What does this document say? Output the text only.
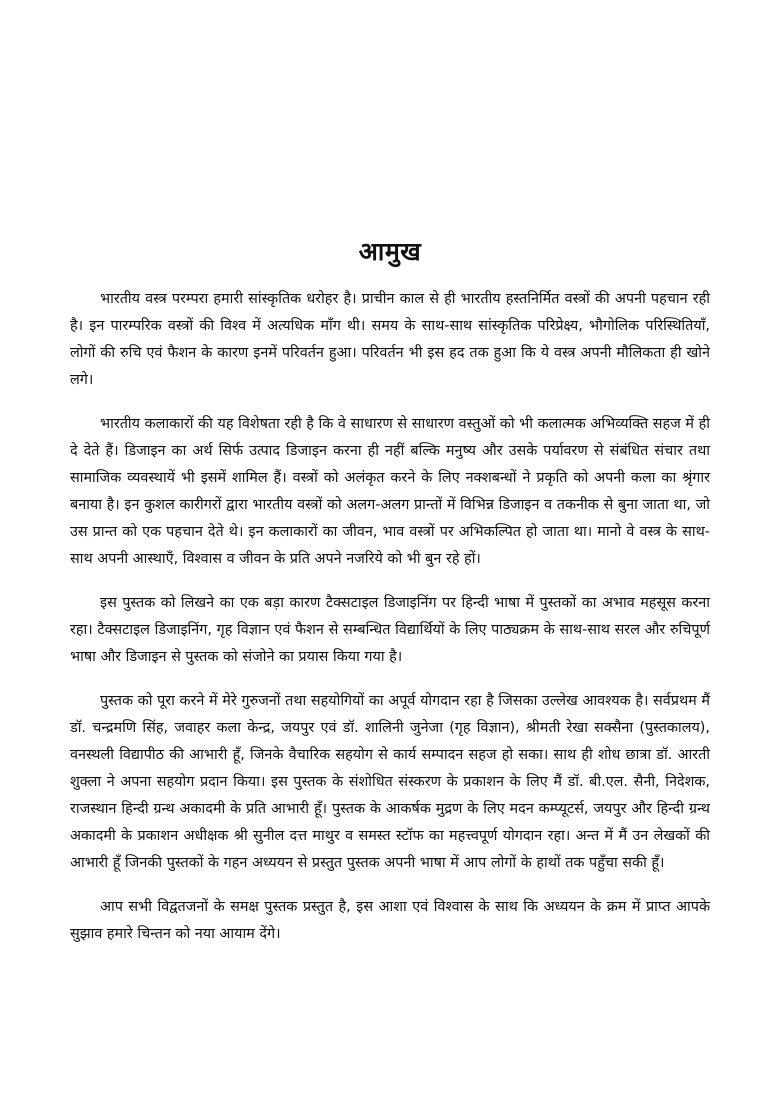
आमुख

भारतीय वस्त्र परम्परा हमारी सांस्कृतिक धरोहर है। प्राचीन काल से ही भारतीय हस्तनिर्मित वस्त्रों की अपनी पहचान रही है। इन पारम्परिक वस्त्रों की विश्व में अत्यधिक माँग थी। समय के साथ-साथ सांस्कृतिक परिप्रेक्ष्य, भौगोलिक परिस्थितियाँ, लोगों की रुचि एवं फैशन के कारण इनमें परिवर्तन हुआ। परिवर्तन भी इस हद तक हुआ कि ये वस्त्र अपनी मौलिकता ही खोने लगे।

भारतीय कलाकारों की यह विशेषता रही है कि वे साधारण से साधारण वस्तुओं को भी कलात्मक अभिव्यक्ति सहज में ही दे देते हैं। डिजाइन का अर्थ सिर्फ उत्पाद डिजाइन करना ही नहीं बल्कि मनुष्य और उसके पर्यावरण से संबंधित संचार तथा सामाजिक व्यवस्थायें भी इसमें शामिल हैं। वस्त्रों को अलंकृत करने के लिए नक्शबन्धों ने प्रकृति को अपनी कला का श्रृंगार बनाया है। इन कुशल कारीगरों द्वारा भारतीय वस्त्रों को अलग-अलग प्रान्तों में विभिन्न डिजाइन व तकनीक से बुना जाता था, जो उस प्रान्त को एक पहचान देते थे। इन कलाकारों का जीवन, भाव वस्त्रों पर अभिकल्पित हो जाता था। मानो वे वस्त्र के साथ-साथ अपनी आस्थाएँ, विश्वास व जीवन के प्रति अपने नजरिये को भी बुन रहे हों।

इस पुस्तक को लिखने का एक बड़ा कारण टैक्सटाइल डिजाइनिंग पर हिन्दी भाषा में पुस्तकों का अभाव महसूस करना रहा। टैक्सटाइल डिजाइनिंग, गृह विज्ञान एवं फैशन से सम्बन्धित विद्यार्थियों के लिए पाठ्यक्रम के साथ-साथ सरल और रुचिपूर्ण भाषा और डिजाइन से पुस्तक को संजोने का प्रयास किया गया है।

पुस्तक को पूरा करने में मेरे गुरुजनों तथा सहयोगियों का अपूर्व योगदान रहा है जिसका उल्लेख आवश्यक है। सर्वप्रथम मैं डॉ. चन्द्रमणि सिंह, जवाहर कला केन्द्र, जयपुर एवं डॉ. शालिनी जुनेजा (गृह विज्ञान), श्रीमती रेखा सक्सैना (पुस्तकालय), वनस्थली विद्यापीठ की आभारी हूँ, जिनके वैचारिक सहयोग से कार्य सम्पादन सहज हो सका। साथ ही शोध छात्रा डॉ. आरती शुक्ला ने अपना सहयोग प्रदान किया। इस पुस्तक के संशोधित संस्करण के प्रकाशन के लिए मैं डॉ. बी.एल. सैनी, निदेशक, राजस्थान हिन्दी ग्रन्थ अकादमी के प्रति आभारी हूँ। पुस्तक के आकर्षक मुद्रण के लिए मदन कम्प्यूटर्स, जयपुर और हिन्दी ग्रन्थ अकादमी के प्रकाशन अधीक्षक श्री सुनील दत्त माथुर व समस्त स्टॉफ का महत्त्वपूर्ण योगदान रहा। अन्त में मैं उन लेखकों की आभारी हूँ जिनकी पुस्तकों के गहन अध्ययन से प्रस्तुत पुस्तक अपनी भाषा में आप लोगों के हाथों तक पहुँचा सकी हूँ।

आप सभी विद्वतजनों के समक्ष पुस्तक प्रस्तुत है, इस आशा एवं विश्वास के साथ कि अध्ययन के क्रम में प्राप्त आपके सुझाव हमारे चिन्तन को नया आयाम देंगे।
